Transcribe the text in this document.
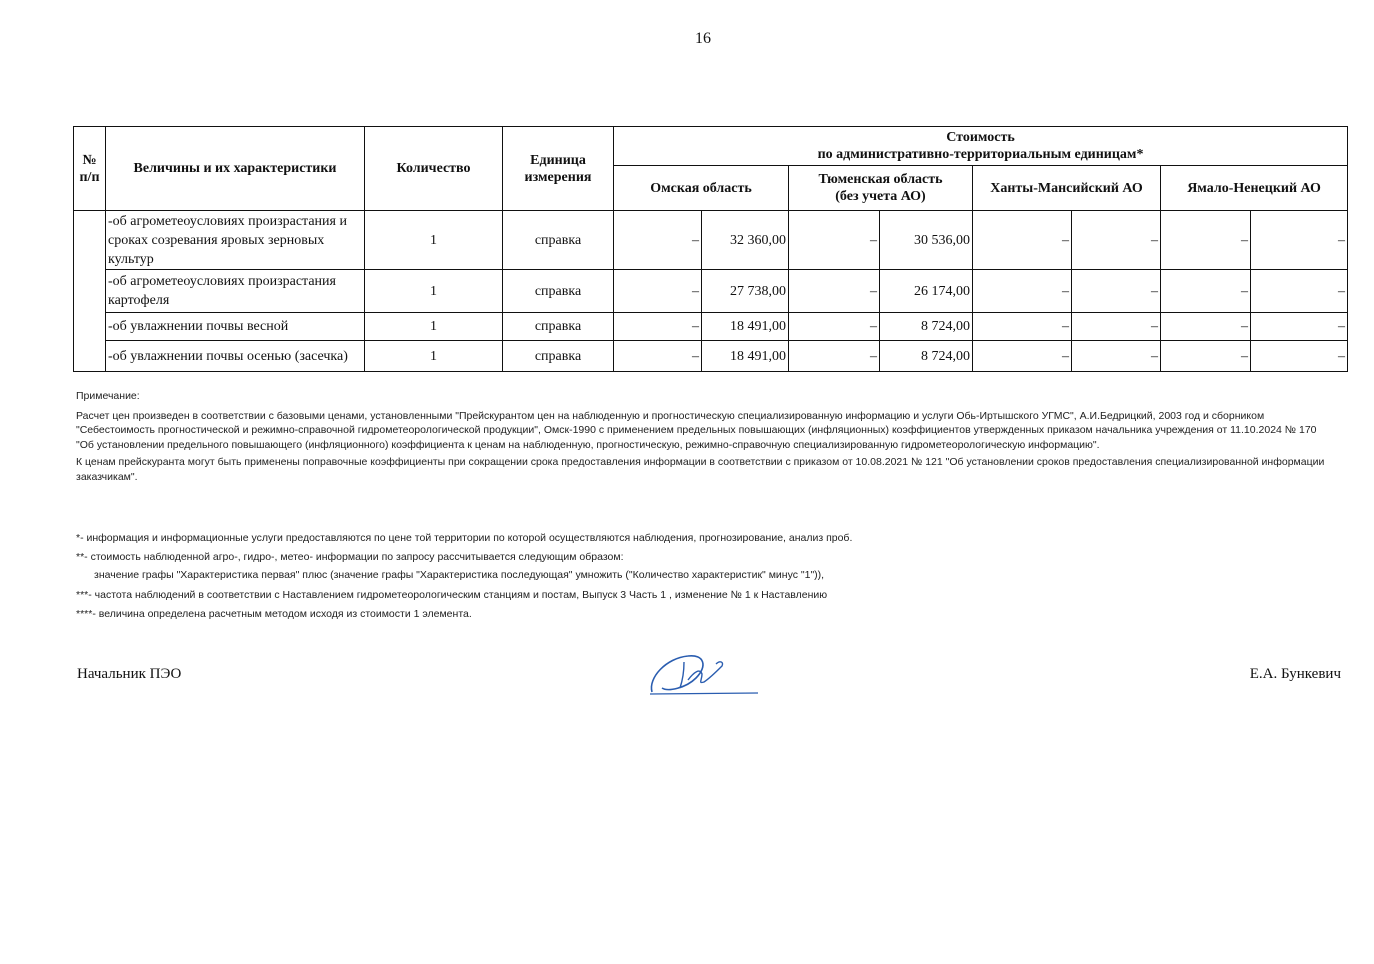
16
№ п/п	Величины и их характеристики	Количество	Единица измерения	Стоимость
по административно-территориальным единицам*							

				Омская область		Тюменская область
(без учета АО)		Ханты-Мансийский АО		Ямало-Ненецкий АО	
	-об агрометеоусловиях произрастания и сроках созревания яровых зерновых культур	1	справка	–	32 360,00	–	30 536,00	–	–	–	–
	-об агрометеоусловиях произрастания картофеля	1	справка	–	27 738,00	–	26 174,00	–	–	–	–
	-об увлажнении почвы весной	1	справка	–	18 491,00	–	8 724,00	–	–	–	–
	-об увлажнении почвы осенью (засечка)	1	справка	–	18 491,00	–	8 724,00	–	–	–	–

Примечание:

Расчет цен произведен в соответствии с базовыми ценами, установленными "Прейскурантом цен на наблюденную и прогностическую специализированную информацию и услуги Обь-Иртышского УГМС", А.И.Бедрицкий, 2003 год и сборником "Себестоимость прогностической и режимно-справочной гидрометеорологической продукции", Омск-1990 с применением предельных повышающих (инфляционных) коэффициентов утвержденных приказом начальника учреждения от 11.10.2024 № 170 "Об установлении предельного повышающего (инфляционного) коэффициента к ценам на наблюденную, прогностическую, режимно-справочную специализированную гидрометеорологическую информацию".

К ценам прейскуранта могут быть применены поправочные коэффициенты при сокращении срока предоставления информации в соответствии с приказом от 10.08.2021 № 121 "Об установлении сроков предоставления специализированной информации заказчикам".

*- информация и информационные услуги предоставляются по цене той территории по которой осуществляются наблюдения, прогнозирование, анализ проб.
**- стоимость наблюденной агро-, гидро-, метео- информации по запросу рассчитывается следующим образом:
значение графы "Характеристика первая" плюс (значение графы "Характеристика последующая" умножить ("Количество характеристик" минус "1")),
***- частота наблюдений в соответствии с Наставлением гидрометеорологическим станциям и постам, Выпуск 3 Часть 1 , изменение № 1 к Наставлению
****- величина определена расчетным методом исходя из стоимости 1 элемента.
Начальник ПЭО	Е.А. Бункевич
